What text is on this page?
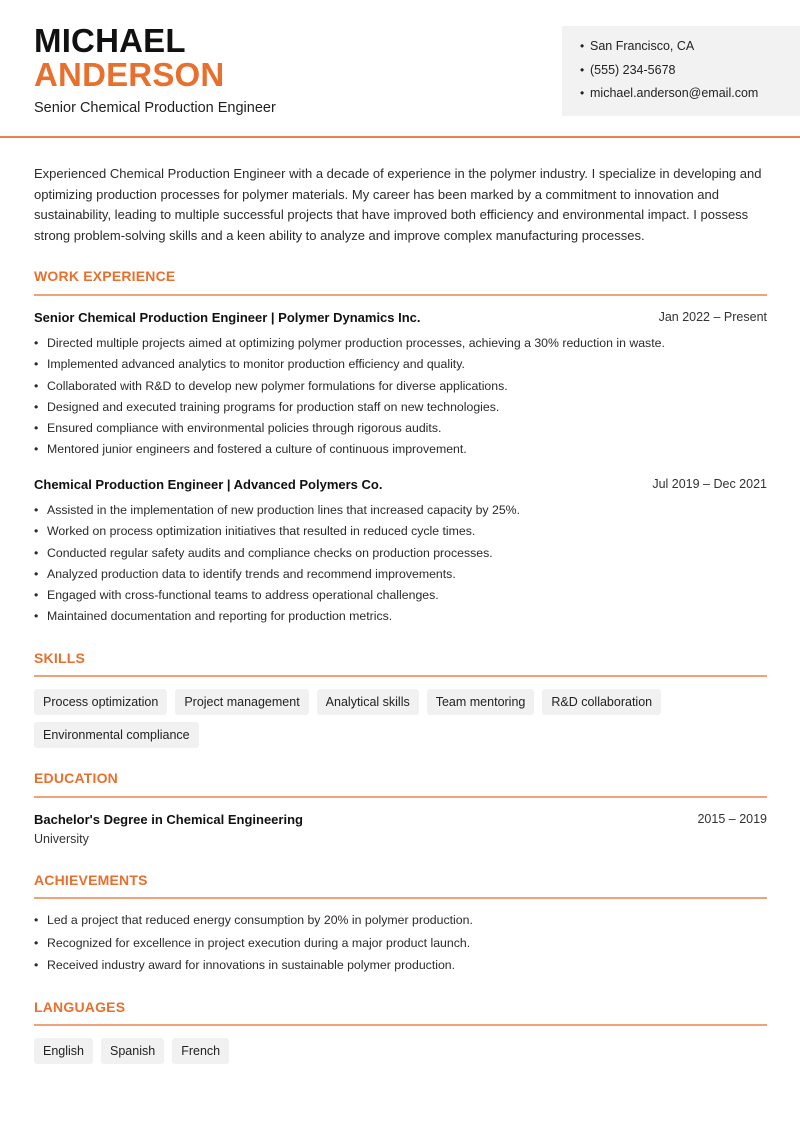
MICHAEL
ANDERSON
Senior Chemical Production Engineer
• San Francisco, CA
• (555) 234-5678
• michael.anderson@email.com
Experienced Chemical Production Engineer with a decade of experience in the polymer industry. I specialize in developing and optimizing production processes for polymer materials. My career has been marked by a commitment to innovation and sustainability, leading to multiple successful projects that have improved both efficiency and environmental impact. I possess strong problem-solving skills and a keen ability to analyze and improve complex manufacturing processes.
WORK EXPERIENCE
Senior Chemical Production Engineer | Polymer Dynamics Inc.	Jan 2022 – Present
• Directed multiple projects aimed at optimizing polymer production processes, achieving a 30% reduction in waste.
• Implemented advanced analytics to monitor production efficiency and quality.
• Collaborated with R&D to develop new polymer formulations for diverse applications.
• Designed and executed training programs for production staff on new technologies.
• Ensured compliance with environmental policies through rigorous audits.
• Mentored junior engineers and fostered a culture of continuous improvement.
Chemical Production Engineer | Advanced Polymers Co.	Jul 2019 – Dec 2021
• Assisted in the implementation of new production lines that increased capacity by 25%.
• Worked on process optimization initiatives that resulted in reduced cycle times.
• Conducted regular safety audits and compliance checks on production processes.
• Analyzed production data to identify trends and recommend improvements.
• Engaged with cross-functional teams to address operational challenges.
• Maintained documentation and reporting for production metrics.
SKILLS
Process optimization	Project management	Analytical skills	Team mentoring	R&D collaboration
Environmental compliance
EDUCATION
Bachelor's Degree in Chemical Engineering	2015 – 2019
University
ACHIEVEMENTS
• Led a project that reduced energy consumption by 20% in polymer production.
• Recognized for excellence in project execution during a major product launch.
• Received industry award for innovations in sustainable polymer production.
LANGUAGES
English	Spanish	French
